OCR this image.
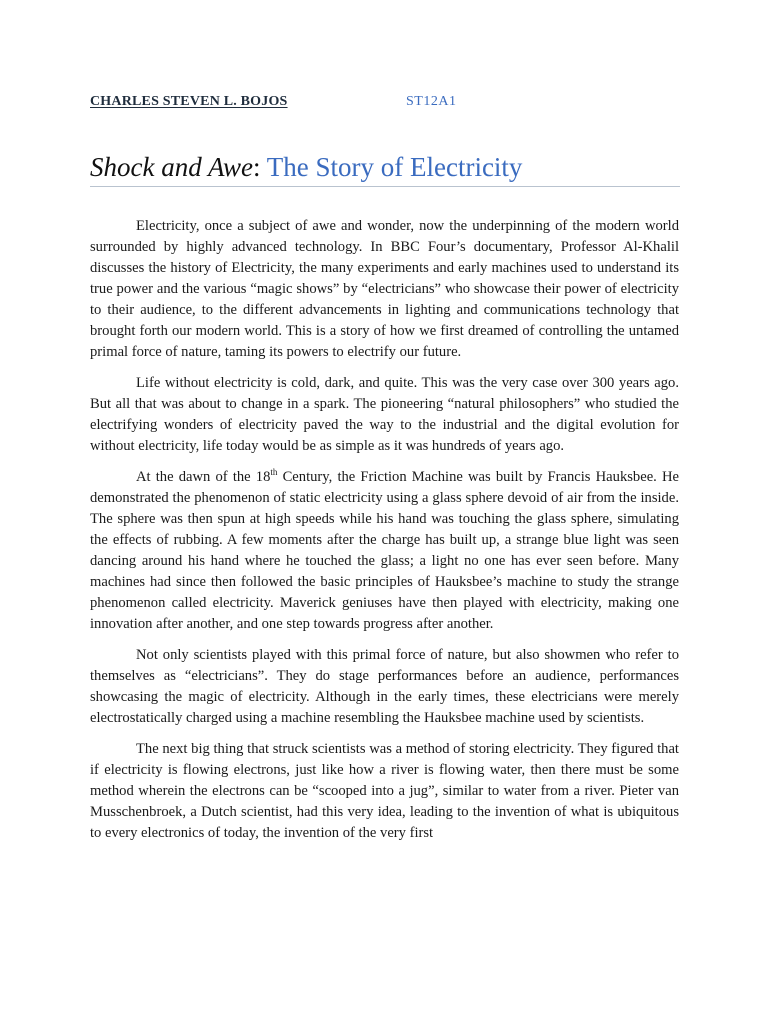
CHARLES STEVEN L. BOJOS	ST12A1
Shock and Awe: The Story of Electricity

Electricity, once a subject of awe and wonder, now the underpinning of the modern world surrounded by highly advanced technology. In BBC Four’s documentary, Professor Al-Khalil discusses the history of Electricity, the many experiments and early machines used to understand its true power and the various “magic shows” by “electricians” who showcase their power of electricity to their audience, to the different advancements in lighting and communications technology that brought forth our modern world. This is a story of how we first dreamed of controlling the untamed primal force of nature, taming its powers to electrify our future.

Life without electricity is cold, dark, and quite. This was the very case over 300 years ago. But all that was about to change in a spark. The pioneering “natural philosophers” who studied the electrifying wonders of electricity paved the way to the industrial and the digital evolution for without electricity, life today would be as simple as it was hundreds of years ago.

At the dawn of the 18th Century, the Friction Machine was built by Francis Hauksbee. He demonstrated the phenomenon of static electricity using a glass sphere devoid of air from the inside. The sphere was then spun at high speeds while his hand was touching the glass sphere, simulating the effects of rubbing. A few moments after the charge has built up, a strange blue light was seen dancing around his hand where he touched the glass; a light no one has ever seen before. Many machines had since then followed the basic principles of Hauksbee’s machine to study the strange phenomenon called electricity. Maverick geniuses have then played with electricity, making one innovation after another, and one step towards progress after another.

Not only scientists played with this primal force of nature, but also showmen who refer to themselves as “electricians”. They do stage performances before an audience, performances showcasing the magic of electricity. Although in the early times, these electricians were merely electrostatically charged using a machine resembling the Hauksbee machine used by scientists.

The next big thing that struck scientists was a method of storing electricity. They figured that if electricity is flowing electrons, just like how a river is flowing water, then there must be some method wherein the electrons can be “scooped into a jug”, similar to water from a river. Pieter van Musschenbroek, a Dutch scientist, had this very idea, leading to the invention of what is ubiquitous to every electronics of today, the invention of the very first
